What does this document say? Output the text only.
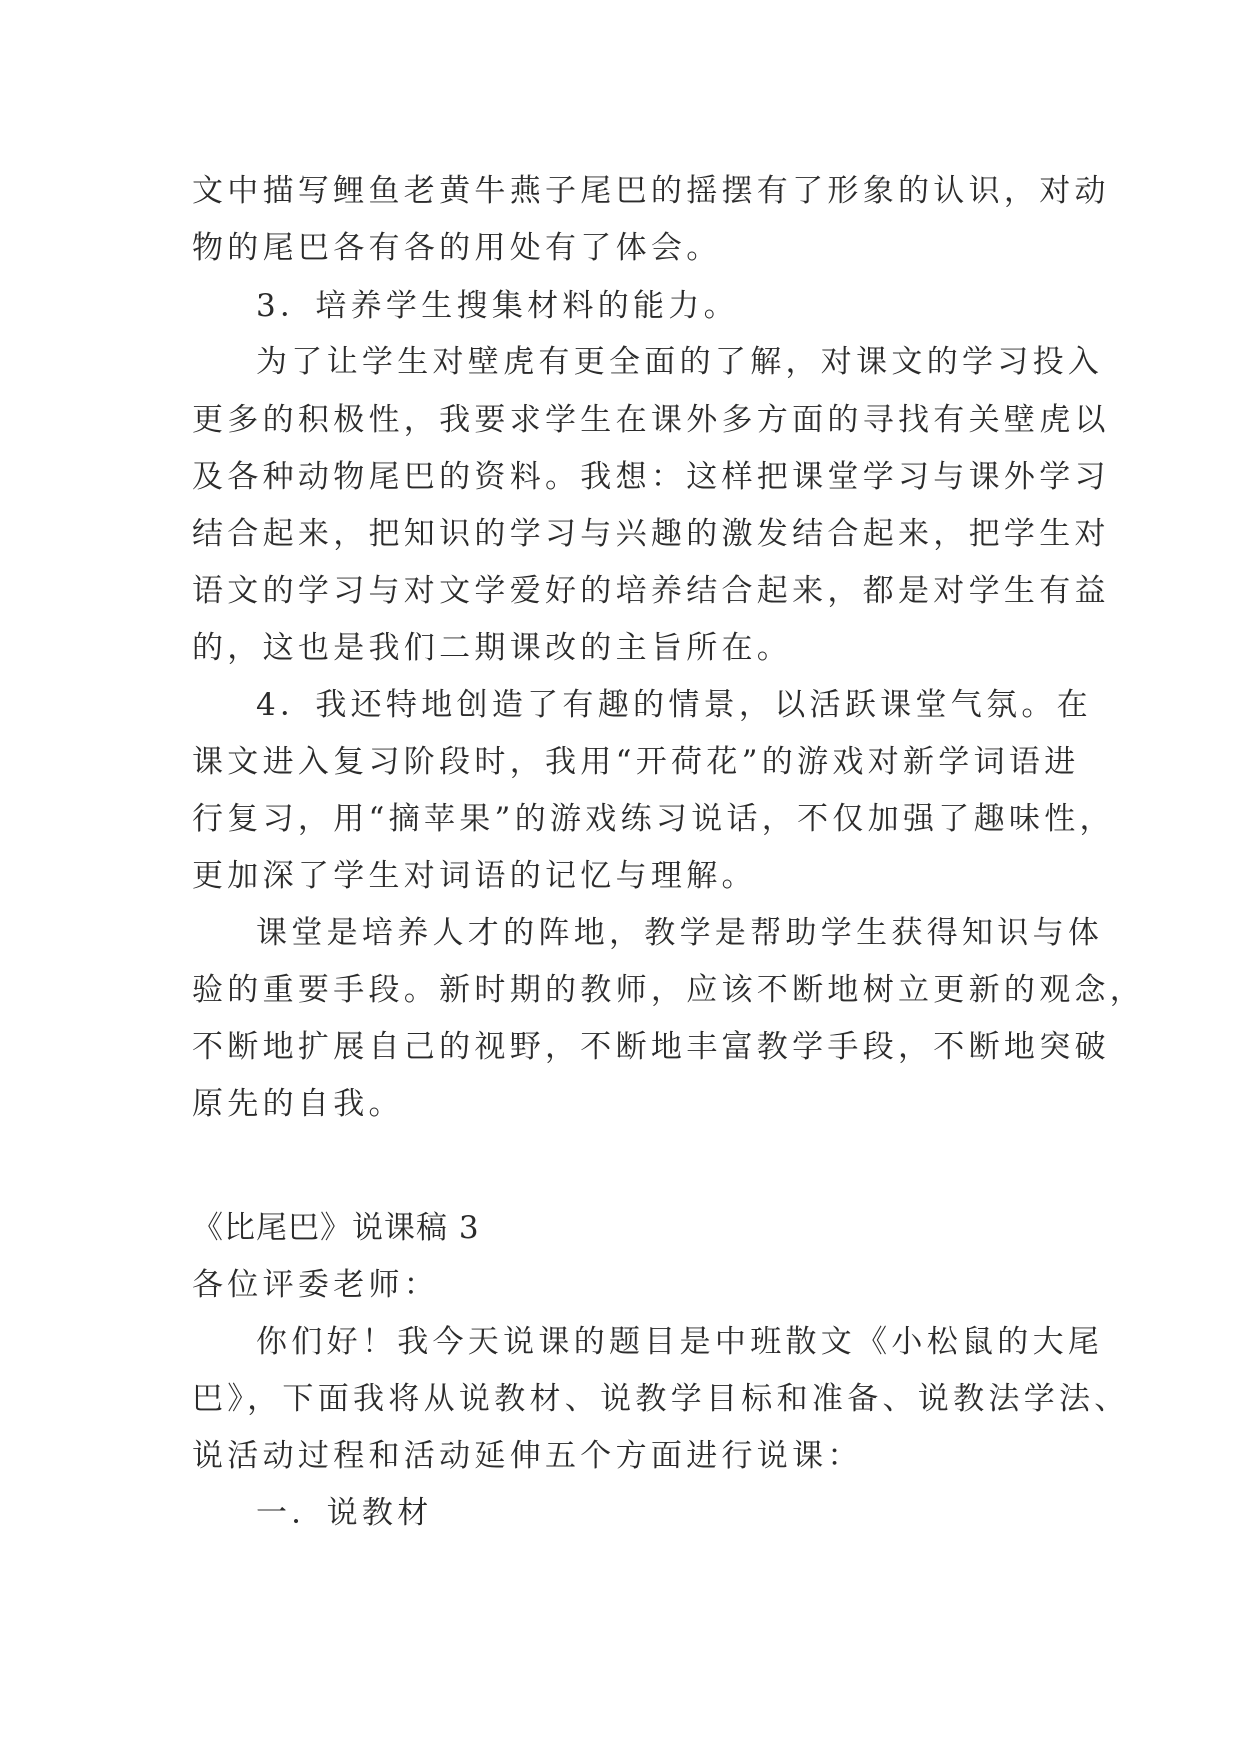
文中描写鲤鱼老黄牛燕子尾巴的摇摆有了形象的认识，对动
物的尾巴各有各的用处有了体会。
3．培养学生搜集材料的能力。
为了让学生对壁虎有更全面的了解，对课文的学习投入
更多的积极性，我要求学生在课外多方面的寻找有关壁虎以
及各种动物尾巴的资料。我想：这样把课堂学习与课外学习
结合起来，把知识的学习与兴趣的激发结合起来，把学生对
语文的学习与对文学爱好的培养结合起来，都是对学生有益
的，这也是我们二期课改的主旨所在。
4．我还特地创造了有趣的情景，以活跃课堂气氛。在
课文进入复习阶段时，我用“开荷花”的游戏对新学词语进
行复习，用“摘苹果”的游戏练习说话，不仅加强了趣味性，
更加深了学生对词语的记忆与理解。
课堂是培养人才的阵地，教学是帮助学生获得知识与体
验的重要手段。新时期的教师，应该不断地树立更新的观念，
不断地扩展自己的视野，不断地丰富教学手段，不断地突破
原先的自我。
《比尾巴》说课稿 3
各位评委老师：
你们好！我今天说课的题目是中班散文《小松鼠的大尾
巴》，下面我将从说教材、说教学目标和准备、说教法学法、
说活动过程和活动延伸五个方面进行说课：
一．说教材
